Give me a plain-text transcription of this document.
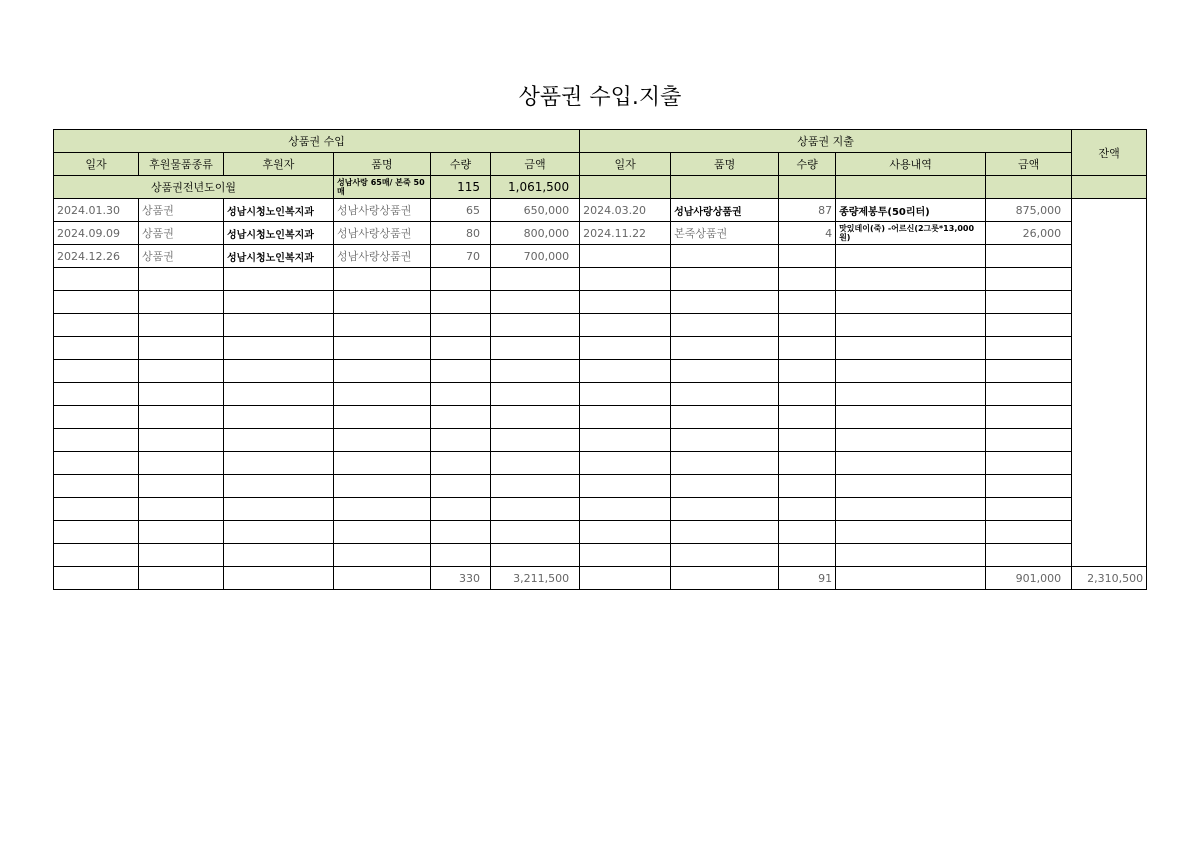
상품권 수입.지출
상품권 수입						상품권 지출					잔액
일자	후원물품종류	후원자	품명	수량	금액	일자	품명	수량	사용내역	금액	
상품권전년도이월			성남사랑 65매/ 본죽 50매	115	1,061,500						
2024.01.30	상품권	성남시청노인복지과	성남사랑상품권	65	650,000	2024.03.20	성남사랑상품권	87	종량제봉투(50리터)	875,000	
2024.09.09	상품권	성남시청노인복지과	성남사랑상품권	80	800,000	2024.11.22	본죽상품권	4	맛있데이(죽) -어르신(2그릇*13,000원)	26,000	
2024.12.26	상품권	성남시청노인복지과	성남사랑상품권	70	700,000						

				330	3,211,500			91		901,000	2,310,500
